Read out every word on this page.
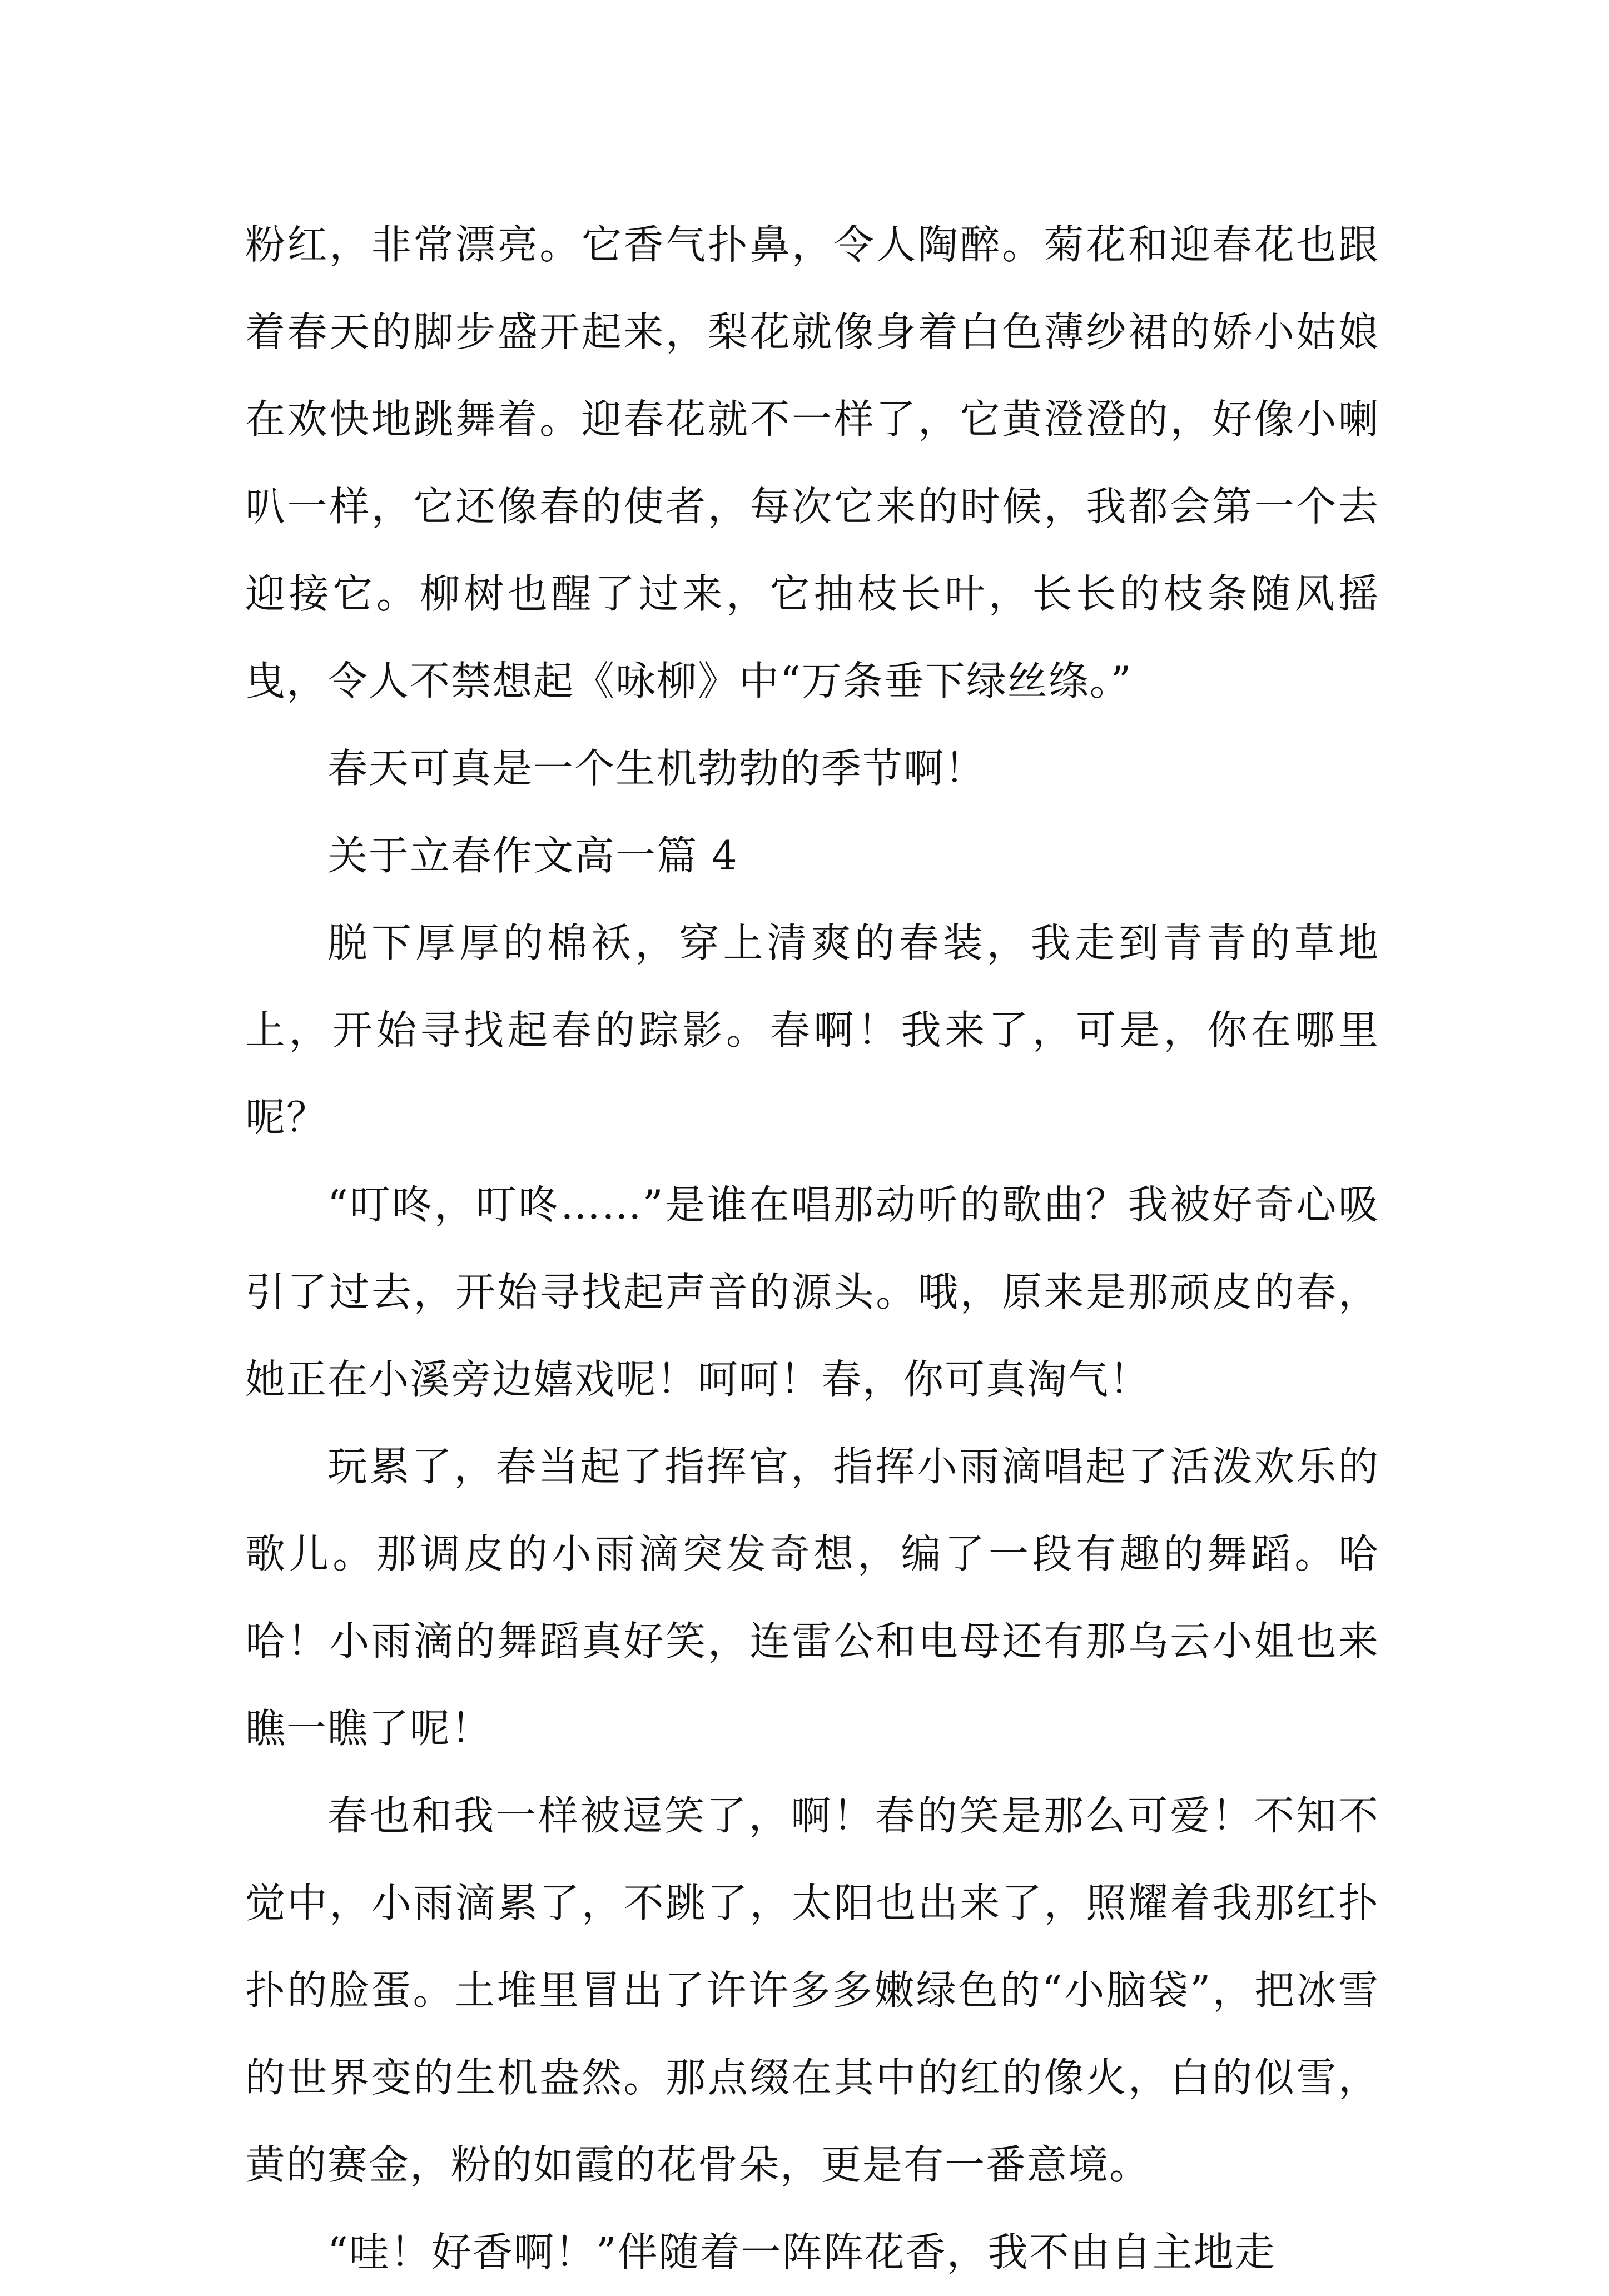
粉红，非常漂亮。它香气扑鼻，令人陶醉。菊花和迎春花也跟着春天的脚步盛开起来，梨花就像身着白色薄纱裙的娇小姑娘在欢快地跳舞着。迎春花就不一样了，它黄澄澄的，好像小喇叭一样，它还像春的使者，每次它来的时候，我都会第一个去迎接它。柳树也醒了过来，它抽枝长叶，长长的枝条随风摇曳，令人不禁想起《咏柳》中“万条垂下绿丝绦。”

春天可真是一个生机勃勃的季节啊！

关于立春作文高一篇 4

脱下厚厚的棉袄，穿上清爽的春装，我走到青青的草地上，开始寻找起春的踪影。春啊！我来了，可是，你在哪里呢？

“叮咚，叮咚……”是谁在唱那动听的歌曲？我被好奇心吸引了过去，开始寻找起声音的源头。哦，原来是那顽皮的春，她正在小溪旁边嬉戏呢！呵呵！春，你可真淘气！

玩累了，春当起了指挥官，指挥小雨滴唱起了活泼欢乐的歌儿。那调皮的小雨滴突发奇想，编了一段有趣的舞蹈。哈哈！小雨滴的舞蹈真好笑，连雷公和电母还有那乌云小姐也来瞧一瞧了呢！

春也和我一样被逗笑了，啊！春的笑是那么可爱！不知不觉中，小雨滴累了，不跳了，太阳也出来了，照耀着我那红扑扑的脸蛋。土堆里冒出了许许多多嫩绿色的“小脑袋”，把冰雪的世界变的生机盎然。那点缀在其中的红的像火，白的似雪，黄的赛金，粉的如霞的花骨朵，更是有一番意境。

“哇！好香啊！”伴随着一阵阵花香，我不由自主地走
